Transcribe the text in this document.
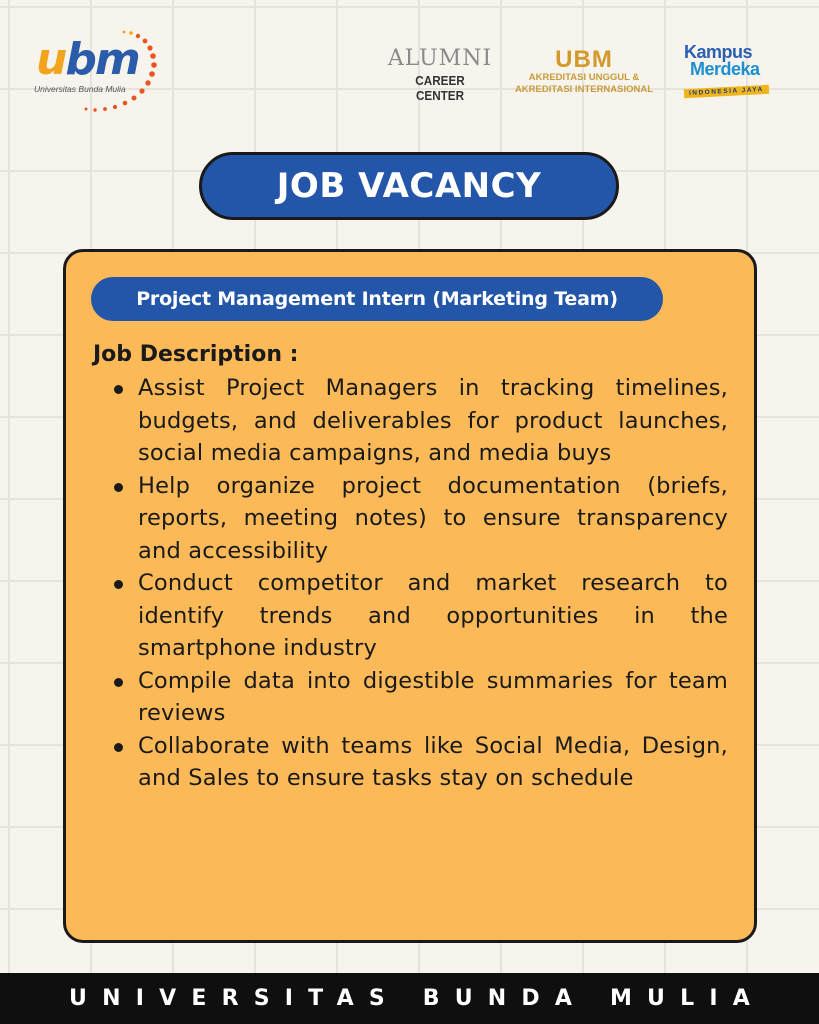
ubm
Universitas Bunda Mulia
ALUMNI
CAREER CENTER
UBM
AKREDITASI UNGGUL &
AKREDITASI INTERNASIONAL
Kampus
Merdeka
INDONESIA JAYA
JOB VACANCY
Project Management Intern (Marketing Team)
Job Description :
Assist Project Managers in tracking timelines, budgets, and deliverables for product launches, social media campaigns, and media buys
Help organize project documentation (briefs, reports, meeting notes) to ensure transparency and accessibility
Conduct competitor and market research to identify trends and opportunities in the smartphone industry
Compile data into digestible summaries for team reviews
Collaborate with teams like Social Media, Design, and Sales to ensure tasks stay on schedule
UNIVERSITAS BUNDA MULIA
